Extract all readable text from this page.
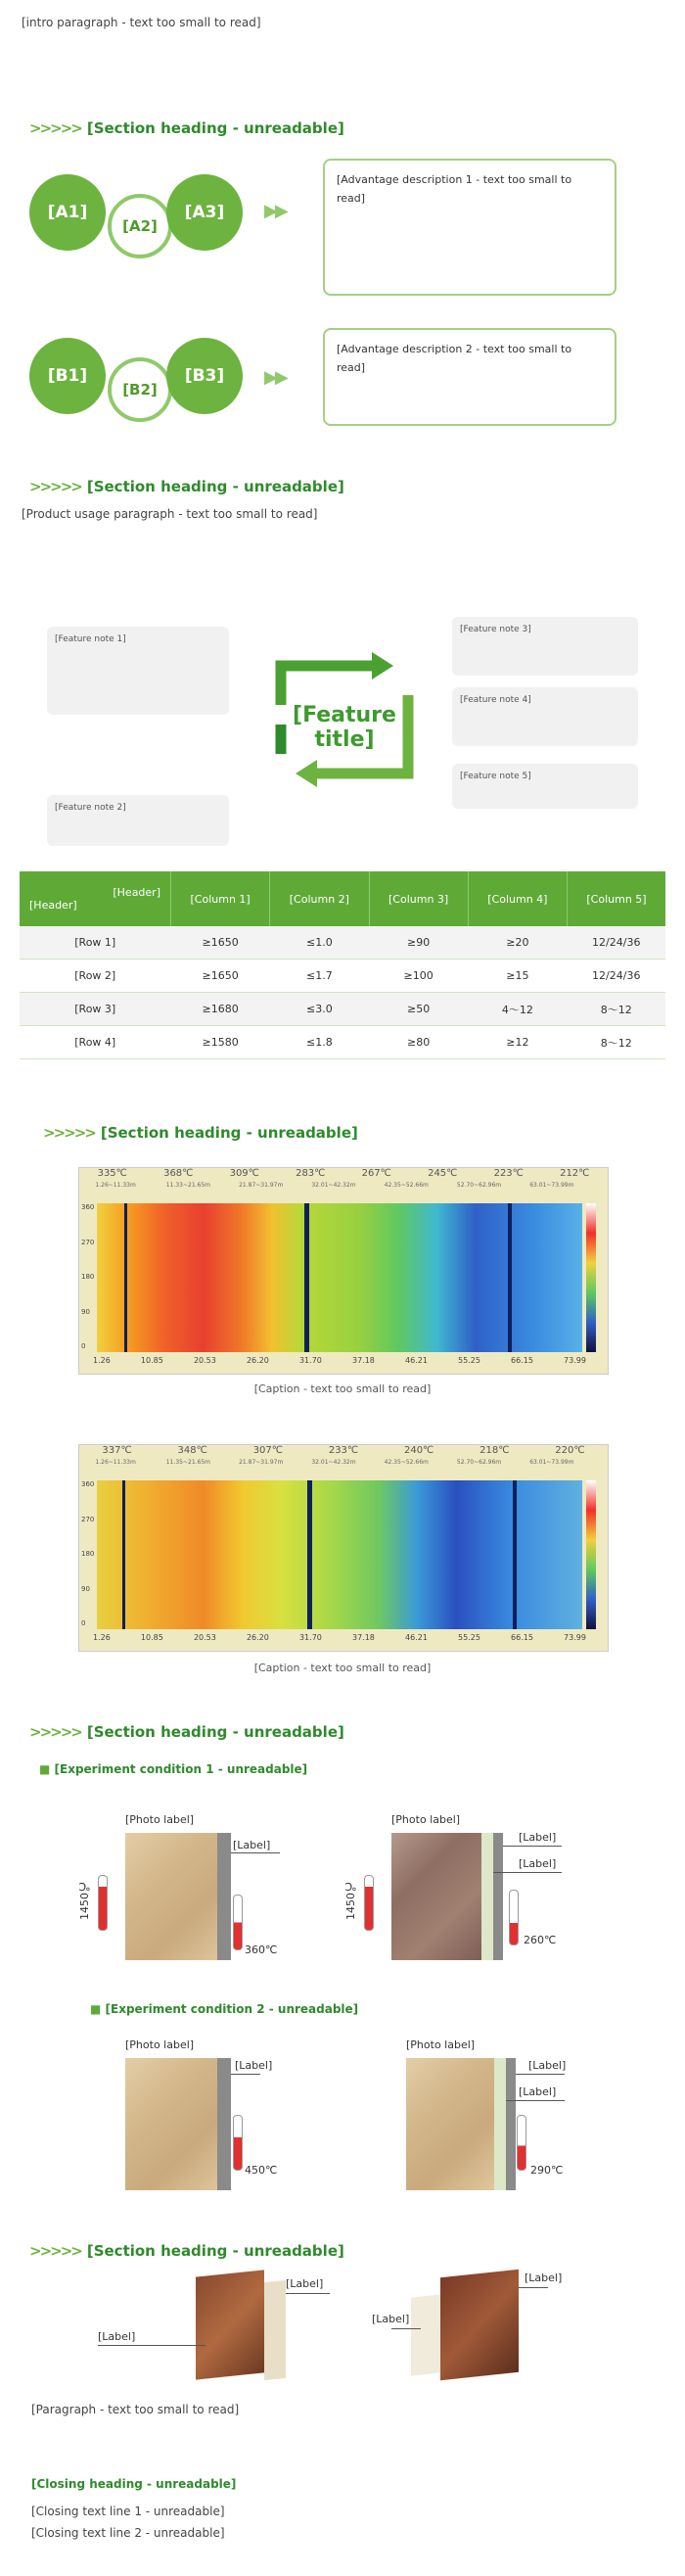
[intro paragraph - text too small to read]
>>>>> [Section heading - unreadable]
[A1]
[A2]
[A3]	▶▶
[Advantage description 1 - text too small to read]
[B1]
[B2]
[B3]	▶▶
[Advantage description 2 - text too small to read]
>>>>> [Section heading - unreadable]
[Product usage paragraph - text too small to read]
[Feature note 1]
[Feature note 2]
[Feature note 3]
[Feature note 4]
[Feature note 5]
[Feature title]
[Header]
[Header]	[Column 1]	[Column 2]	[Column 3]	[Column 4]	[Column 5]
[Row 1]	≥1650	≤1.0	≥90	≥20	12/24/36
[Row 2]	≥1650	≤1.7	≥100	≥15	12/24/36
[Row 3]	≥1680	≤3.0	≥50	4～12	8～12
[Row 4]	≥1580	≤1.8	≥80	≥12	8～12
>>>>> [Section heading - unreadable]
335℃	368℃	309℃	283℃	267℃	245℃	223℃	212℃
1.26~11.33m	11.33~21.65m	21.87~31.97m	32.01~42.32m	42.35~52.66m	52.70~62.96m	63.01~73.99m
360
270
180
90
0
1.26	10.85	20.53	26.20	31.70	37.18	46.21	55.25	66.15	73.99
[Caption - text too small to read]
337℃	348℃	307℃	233℃	240℃	218℃	220℃
1.26~11.33m	11.35~21.65m	21.87~31.97m	32.01~42.32m	42.35~52.66m	52.70~62.96m	63.01~73.99m
360
270
180
90
0
1.26	10.85	20.53	26.20	31.70	37.18	46.21	55.25	66.15	73.99
[Caption - text too small to read]
>>>>> [Section heading - unreadable]
■ [Experiment condition 1 - unreadable]
[Photo label]
[Label]
1450℃
360℃
[Photo label]
[Label]
[Label]
1450℃
260℃
■ [Experiment condition 2 - unreadable]
[Photo label]
[Label]
450℃
[Photo label]
[Label]
[Label]
290℃
>>>>> [Section heading - unreadable]
[Label]
[Label]
[Label]
[Label]
[Paragraph - text too small to read]
[Closing heading - unreadable]
[Closing text line 1 - unreadable]
[Closing text line 2 - unreadable]
